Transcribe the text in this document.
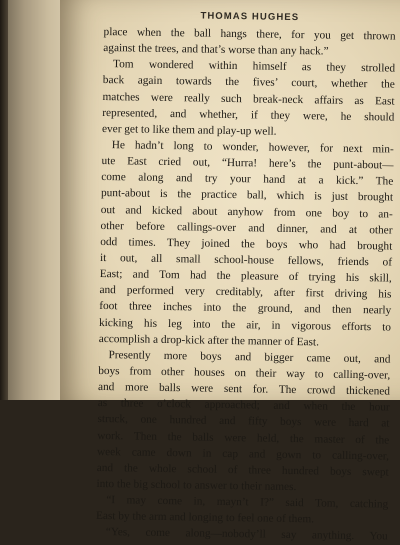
THOMAS HUGHES
place when the ball hangs there, for you get thrown
against the trees, and that’s worse than any hack.”
Tom wondered within himself as they strolled
back again towards the fives’ court, whether the
matches were really such break-neck affairs as East
represented, and whether, if they were, he should
ever get to like them and play-up well.
He hadn’t long to wonder, however, for next min-
ute East cried out, “Hurra! here’s the punt-about—
come along and try your hand at a kick.” The
punt-about is the practice ball, which is just brought
out and kicked about anyhow from one boy to an-
other before callings-over and dinner, and at other
odd times. They joined the boys who had brought
it out, all small school-house fellows, friends of
East; and Tom had the pleasure of trying his skill,
and performed very creditably, after first driving his
foot three inches into the ground, and then nearly
kicking his leg into the air, in vigorous efforts to
accomplish a drop-kick after the manner of East.
Presently more boys and bigger came out, and
boys from other houses on their way to calling-over,
and more balls were sent for. The crowd thickened
as three o’clock approached; and when the hour
struck, one hundred and fifty boys were hard at
work. Then the balls were held, the master of the
week came down in cap and gown to calling-over,
and the whole school of three hundred boys swept
into the big school to answer to their names.
“I may come in, mayn’t I?” said Tom, catching
East by the arm and longing to feel one of them.
“Yes, come along—nobody’ll say anything. You
